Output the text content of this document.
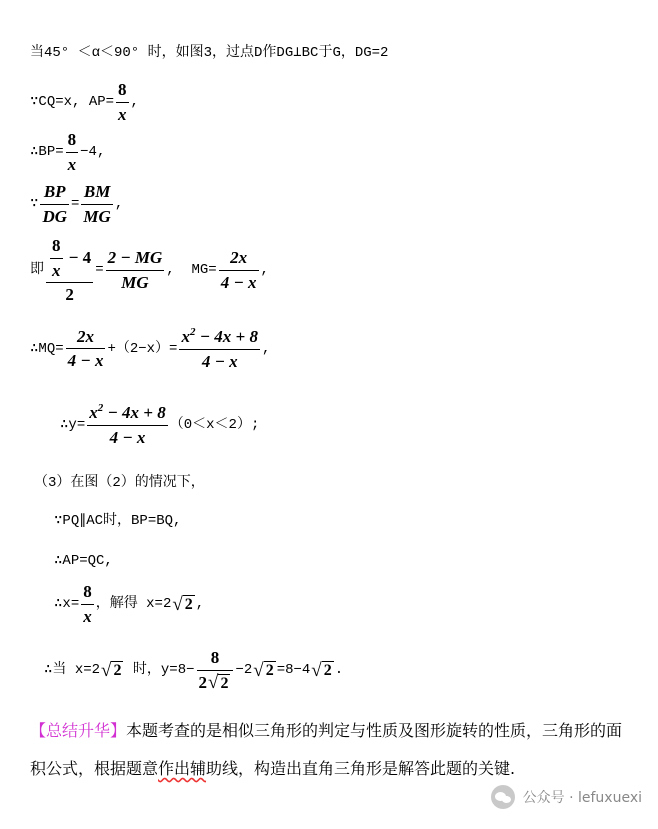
当45° ＜α＜90° 时，如图3，过点D作DG⊥BC于G，DG=2
∵CQ=x, $AP= \frac{8}{x}$ ,
∴BP= $\frac{8}{x} -4$,
∵ $\frac{BP}{DG} = \frac{BM}{MG}$ ,
即 $\frac{\frac{8}{x} - 4}{2} = \frac{2 - MG}{MG}$ ,  $MG= \frac{2x}{4 - x}$ ,
∴MQ= $\frac{2x}{4 - x} +(2-x)= \frac{x^2 - 4x + 8}{4 - x}$ ,
∴y= $\frac{x^2 - 4x + 8}{4 - x} (0<x<2)$;
（3）在图（2）的情况下，
∵PQ∥AC时，BP=BQ,
∴AP=QC,
∴x= $\frac{8}{x}$ ，解得 x=2 √ 2 ,
∴当 x=2 √ 2 时，$y=8- \frac{8}{2 √ 2} -2$ √ 2 =8−4 √ 2 .
【总结升华】本题考查的是相似三角形的判定与性质及图形旋转的性质，三角形的面积公式，根据题意作出辅助线，构造出直角三角形是解答此题的关键.
公众号 · lefuxuexi
